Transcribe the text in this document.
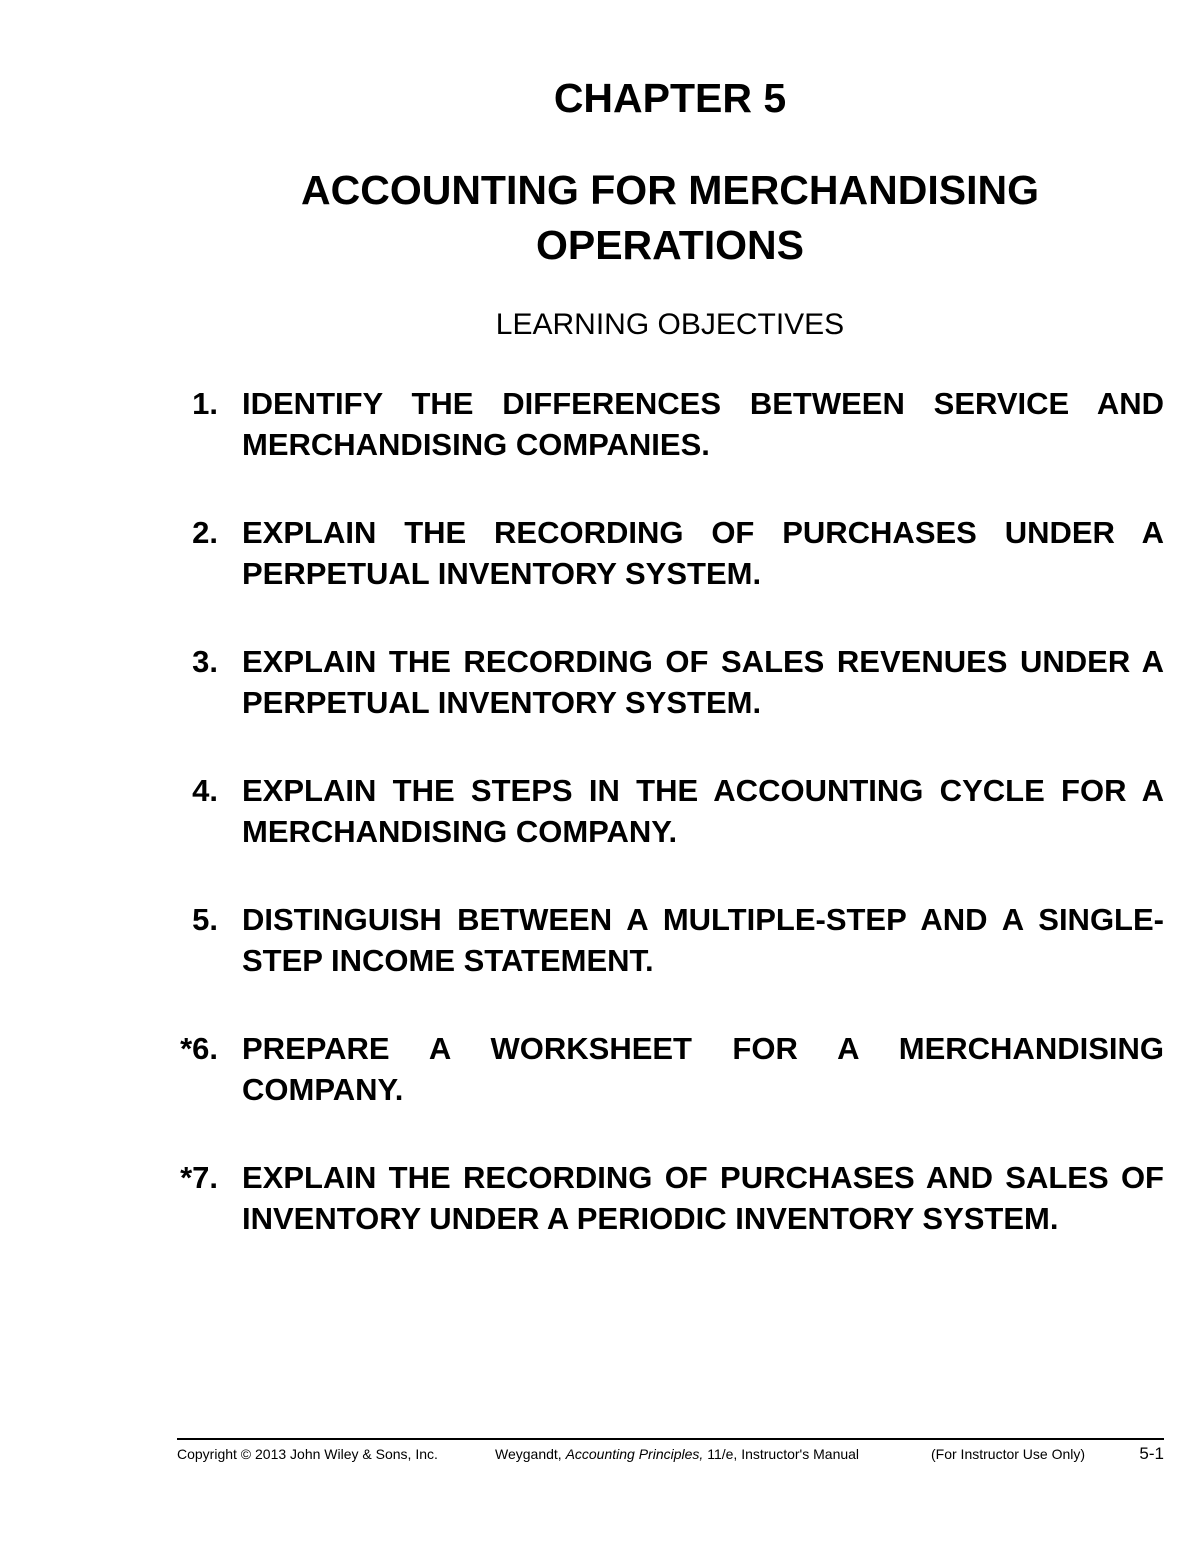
CHAPTER 5
ACCOUNTING FOR MERCHANDISING
OPERATIONS
LEARNING OBJECTIVES
1. IDENTIFY THE DIFFERENCES BETWEEN SERVICE AND MERCHANDISING COMPANIES.
2. EXPLAIN THE RECORDING OF PURCHASES UNDER A PERPETUAL INVENTORY SYSTEM.
3. EXPLAIN THE RECORDING OF SALES REVENUES UNDER A PERPETUAL INVENTORY SYSTEM.
4. EXPLAIN THE STEPS IN THE ACCOUNTING CYCLE FOR A MERCHANDISING COMPANY.
5. DISTINGUISH BETWEEN A MULTIPLE-STEP AND A SINGLE-STEP INCOME STATEMENT.
*6. PREPARE A WORKSHEET FOR A MERCHANDISING COMPANY.
*7. EXPLAIN THE RECORDING OF PURCHASES AND SALES OF INVENTORY UNDER A PERIODIC INVENTORY SYSTEM.
Copyright © 2013 John Wiley & Sons, Inc.	Weygandt, Accounting Principles, 11/e, Instructor's Manual	(For Instructor Use Only)	5-1
